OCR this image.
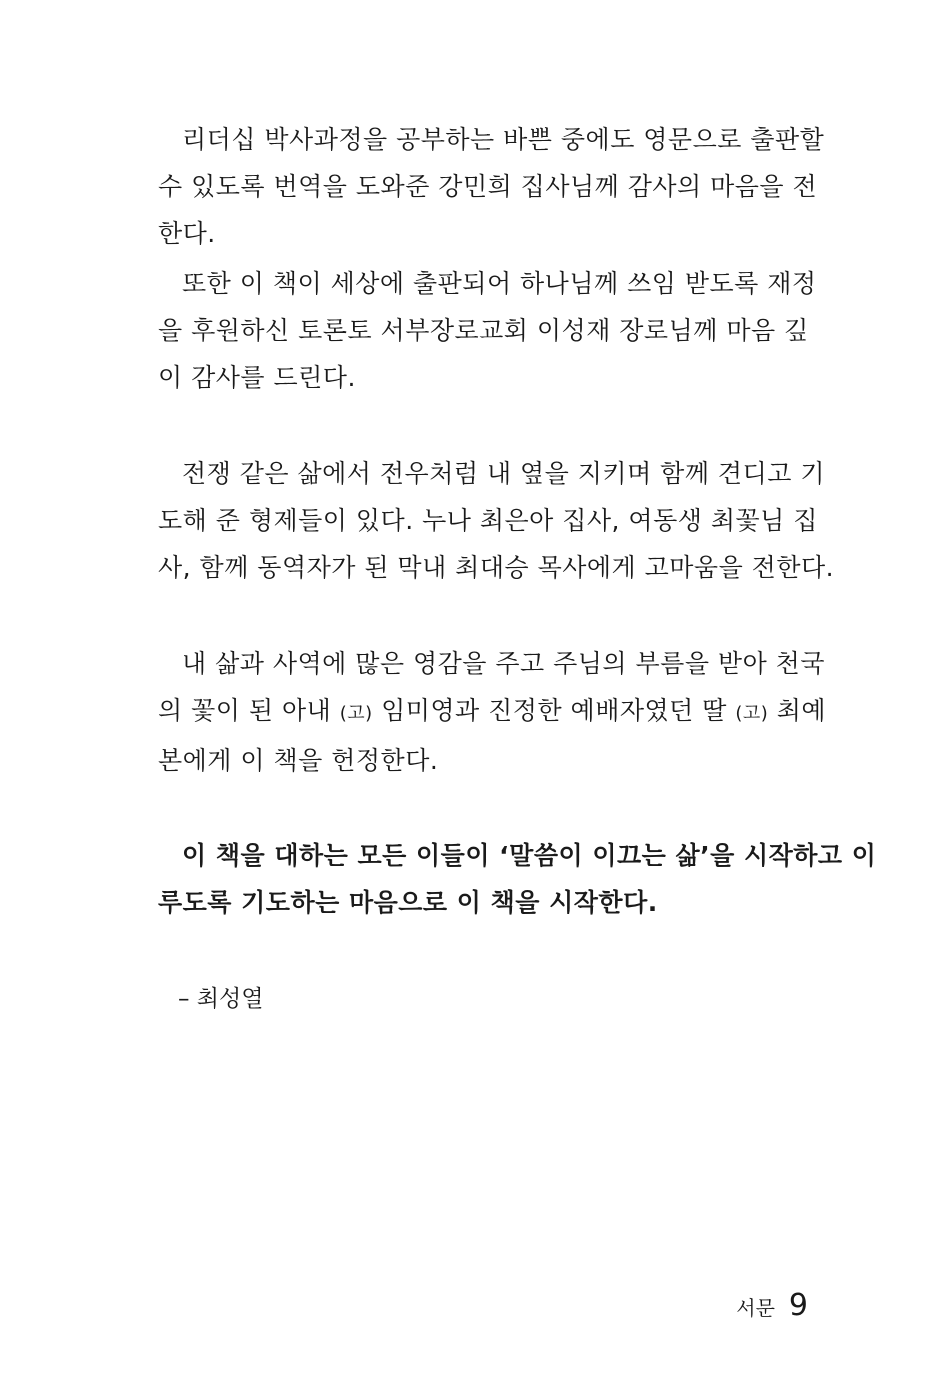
리더십 박사과정을 공부하는 바쁜 중에도 영문으로 출판할
수 있도록 번역을 도와준 강민희 집사님께 감사의 마음을 전
한다.
또한 이 책이 세상에 출판되어 하나님께 쓰임 받도록 재정
을 후원하신 토론토 서부장로교회 이성재 장로님께 마음 깊
이 감사를 드린다.
전쟁 같은 삶에서 전우처럼 내 옆을 지키며 함께 견디고 기
도해 준 형제들이 있다. 누나 최은아 집사, 여동생 최꽃님 집
사, 함께 동역자가 된 막내 최대승 목사에게 고마움을 전한다.
내 삶과 사역에 많은 영감을 주고 주님의 부름을 받아 천국
의 꽃이 된 아내 (고) 임미영과 진정한 예배자였던 딸 (고) 최예
본에게 이 책을 헌정한다.
이 책을 대하는 모든 이들이 ‘말씀이 이끄는 삶’을 시작하고 이
루도록 기도하는 마음으로 이 책을 시작한다.
– 최성열
서문 9
